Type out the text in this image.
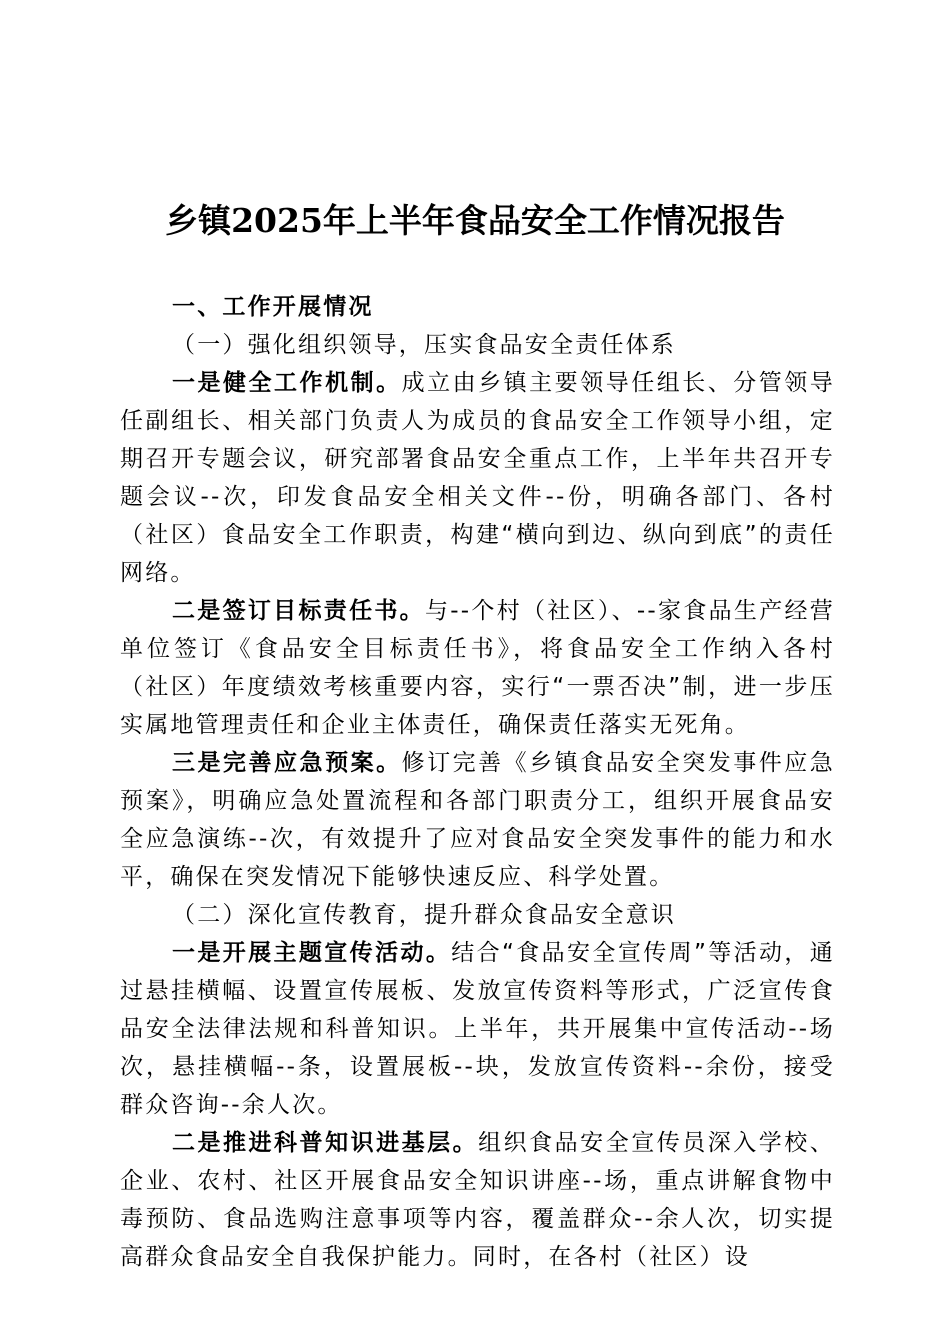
乡镇2025年上半年食品安全工作情况报告

一、工作开展情况

（一）强化组织领导，压实食品安全责任体系

一是健全工作机制。成立由乡镇主要领导任组长、分管领导任副组长、相关部门负责人为成员的食品安全工作领导小组，定期召开专题会议，研究部署食品安全重点工作，上半年共召开专题会议--次，印发食品安全相关文件--份，明确各部门、各村（社区）食品安全工作职责，构建“横向到边、纵向到底”的责任网络。

二是签订目标责任书。与--个村（社区）、--家食品生产经营单位签订《食品安全目标责任书》，将食品安全工作纳入各村（社区）年度绩效考核重要内容，实行“一票否决”制，进一步压实属地管理责任和企业主体责任，确保责任落实无死角。

三是完善应急预案。修订完善《乡镇食品安全突发事件应急预案》，明确应急处置流程和各部门职责分工，组织开展食品安全应急演练--次，有效提升了应对食品安全突发事件的能力和水平，确保在突发情况下能够快速反应、科学处置。

（二）深化宣传教育，提升群众食品安全意识

一是开展主题宣传活动。结合“食品安全宣传周”等活动，通过悬挂横幅、设置宣传展板、发放宣传资料等形式，广泛宣传食品安全法律法规和科普知识。上半年，共开展集中宣传活动--场次，悬挂横幅--条，设置展板--块，发放宣传资料--余份，接受群众咨询--余人次。

二是推进科普知识进基层。组织食品安全宣传员深入学校、企业、农村、社区开展食品安全知识讲座--场，重点讲解食物中毒预防、食品选购注意事项等内容，覆盖群众--余人次，切实提高群众食品安全自我保护能力。同时，在各村（社区）设
